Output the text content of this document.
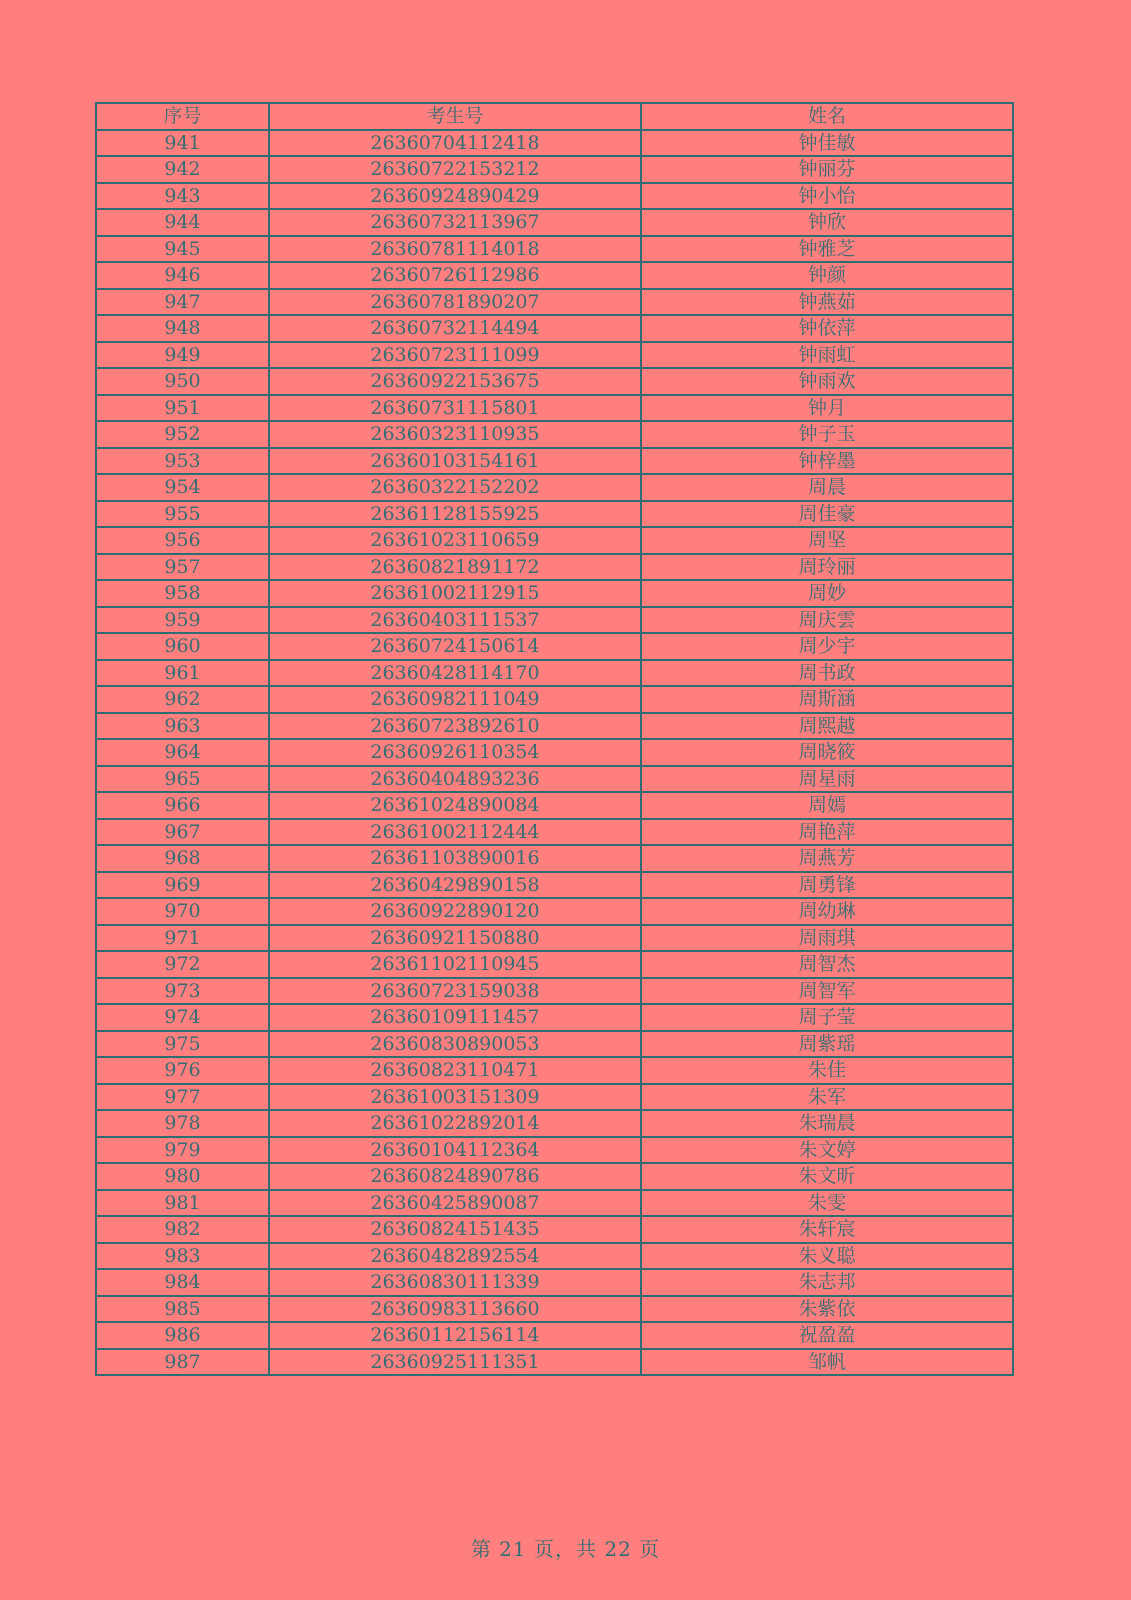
序号	考生号	姓名
941	26360704112418	钟佳敏
942	26360722153212	钟丽芬
943	26360924890429	钟小怡
944	26360732113967	钟欣
945	26360781114018	钟雅芝
946	26360726112986	钟颜
947	26360781890207	钟燕茹
948	26360732114494	钟依萍
949	26360723111099	钟雨虹
950	26360922153675	钟雨欢
951	26360731115801	钟月
952	26360323110935	钟子玉
953	26360103154161	钟梓墨
954	26360322152202	周晨
955	26361128155925	周佳豪
956	26361023110659	周坚
957	26360821891172	周玲丽
958	26361002112915	周妙
959	26360403111537	周庆雲
960	26360724150614	周少宇
961	26360428114170	周书政
962	26360982111049	周斯涵
963	26360723892610	周熙越
964	26360926110354	周晓筱
965	26360404893236	周星雨
966	26361024890084	周嫣
967	26361002112444	周艳萍
968	26361103890016	周燕芳
969	26360429890158	周勇锋
970	26360922890120	周幼琳
971	26360921150880	周雨琪
972	26361102110945	周智杰
973	26360723159038	周智军
974	26360109111457	周子莹
975	26360830890053	周紫瑶
976	26360823110471	朱佳
977	26361003151309	朱军
978	26361022892014	朱瑞晨
979	26360104112364	朱文婷
980	26360824890786	朱文昕
981	26360425890087	朱雯
982	26360824151435	朱轩宸
983	26360482892554	朱义聪
984	26360830111339	朱志邦
985	26360983113660	朱紫依
986	26360112156114	祝盈盈
987	26360925111351	邹帆
第 21 页，共 22 页
